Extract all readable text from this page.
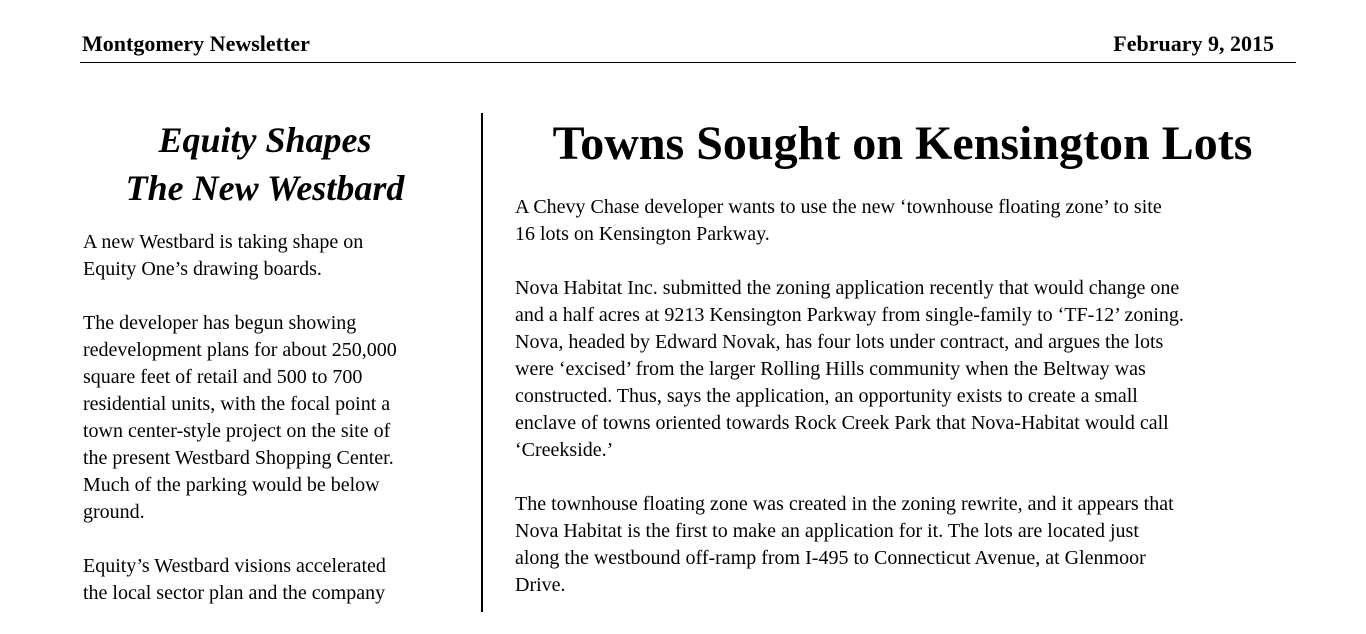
Montgomery Newsletter	February 9, 2015
Equity Shapes
The New Westbard

A new Westbard is taking shape on
Equity One’s drawing boards.

The developer has begun showing
redevelopment plans for about 250,000
square feet of retail and 500 to 700
residential units, with the focal point a
town center-style project on the site of
the present Westbard Shopping Center.
Much of the parking would be below
ground.

Equity’s Westbard visions accelerated
the local sector plan and the company

Towns Sought on Kensington Lots

A Chevy Chase developer wants to use the new ‘townhouse floating zone’ to site
16 lots on Kensington Parkway.

Nova Habitat Inc. submitted the zoning application recently that would change one
and a half acres at 9213 Kensington Parkway from single-family to ‘TF-12’ zoning.
Nova, headed by Edward Novak, has four lots under contract, and argues the lots
were ‘excised’ from the larger Rolling Hills community when the Beltway was
constructed. Thus, says the application, an opportunity exists to create a small
enclave of towns oriented towards Rock Creek Park that Nova-Habitat would call
‘Creekside.’

The townhouse floating zone was created in the zoning rewrite, and it appears that
Nova Habitat is the first to make an application for it. The lots are located just
along the westbound off-ramp from I-495 to Connecticut Avenue, at Glenmoor
Drive.
